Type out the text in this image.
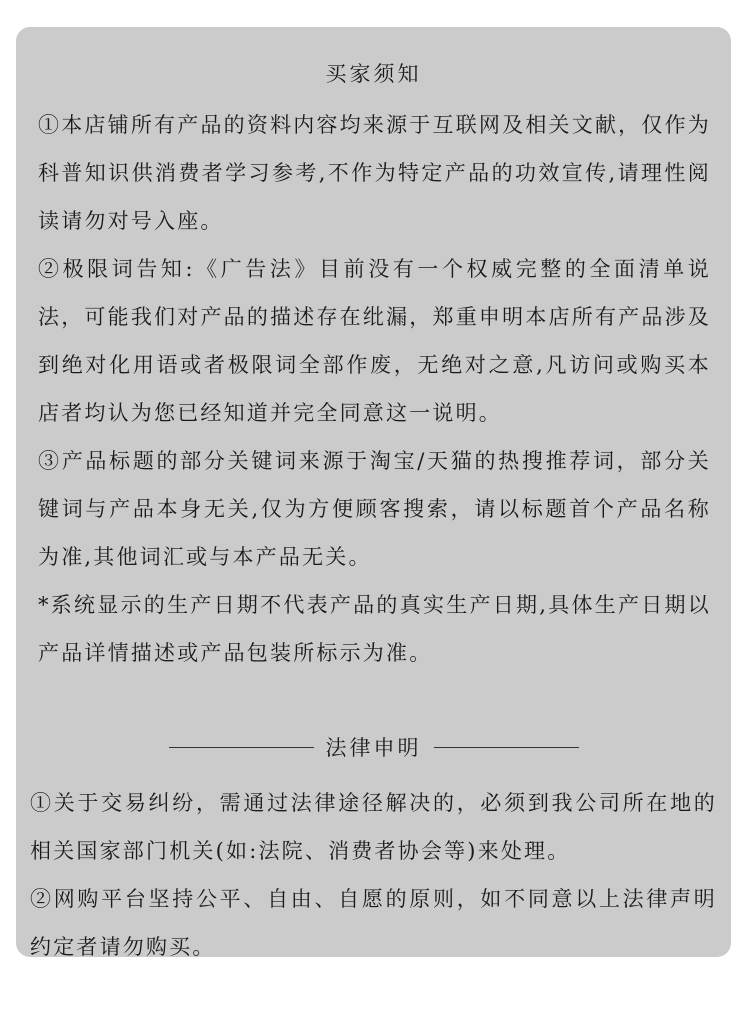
买家须知

①本店铺所有产品的资料内容均来源于互联网及相关文献，仅作为科普知识供消费者学习参考,不作为特定产品的功效宣传,请理性阅读请勿对号入座。

②极限词告知:《广告法》目前没有一个权威完整的全面清单说法，可能我们对产品的描述存在纰漏，郑重申明本店所有产品涉及到绝对化用语或者极限词全部作废，无绝对之意,凡访问或购买本店者均认为您已经知道并完全同意这一说明。

③产品标题的部分关键词来源于淘宝/天猫的热搜推荐词，部分关键词与产品本身无关,仅为方便顾客搜索，请以标题首个产品名称为准,其他词汇或与本产品无关。

*系统显示的生产日期不代表产品的真实生产日期,具体生产日期以产品详情描述或产品包装所标示为准。

法律申明

①关于交易纠纷，需通过法律途径解决的，必须到我公司所在地的相关国家部门机关(如:法院、消费者协会等)来处理。

②网购平台坚持公平、自由、自愿的原则，如不同意以上法律声明约定者请勿购买。
